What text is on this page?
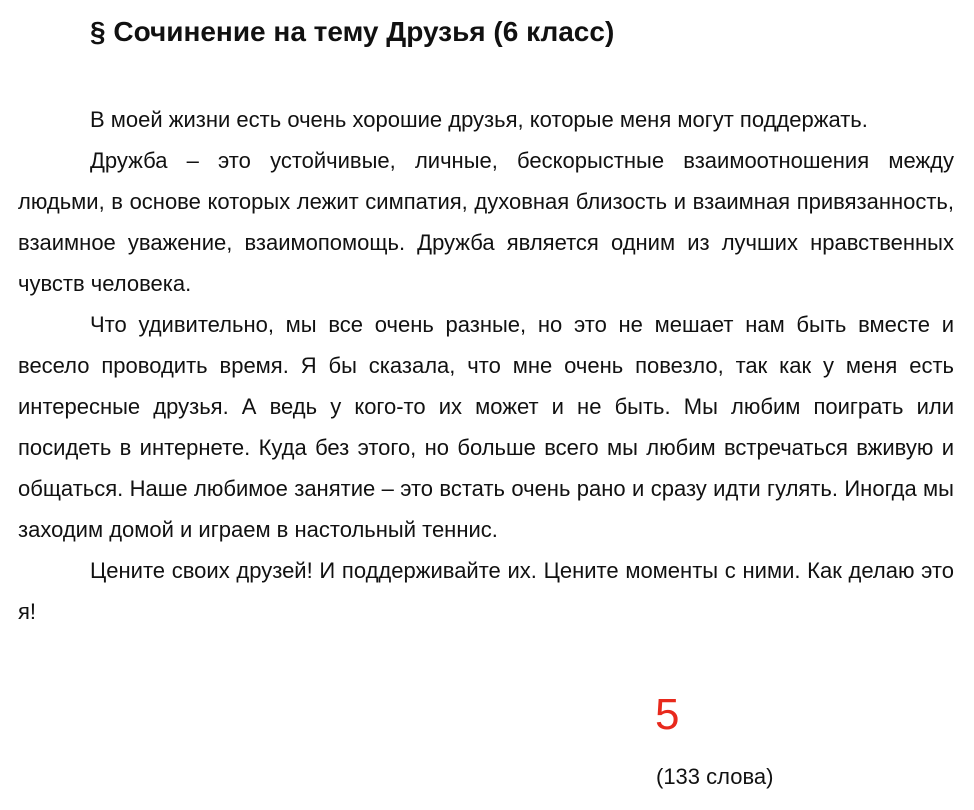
§ Сочинение на тему Друзья (6 класс)

В моей жизни есть очень хорошие друзья, которые меня могут поддержать.

Дружба – это устойчивые, личные, бескорыстные взаимоотношения между людьми, в основе которых лежит симпатия, духовная близость и взаимная привязанность, взаимное уважение, взаимопомощь. Дружба является одним из лучших нравственных чувств человека.

Что удивительно, мы все очень разные, но это не мешает нам быть вместе и весело проводить время. Я бы сказала, что мне очень повезло, так как у меня есть интересные друзья. А ведь у кого-то их может и не быть. Мы любим поиграть или посидеть в интернете. Куда без этого, но больше всего мы любим встречаться вживую и общаться. Наше любимое занятие – это встать очень рано и сразу идти гулять. Иногда мы заходим домой и играем в настольный теннис.

Цените своих друзей! И поддерживайте их. Цените моменты с ними. Как делаю это я!

5
(133 слова)
